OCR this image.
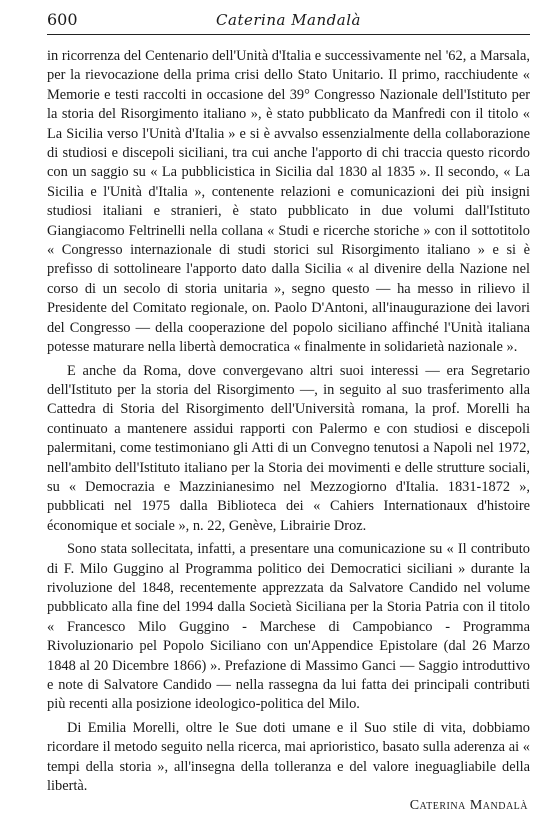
600	Caterina Mandalà

in ricorrenza del Centenario dell'Unità d'Italia e successivamente nel '62, a Marsala, per la rievocazione della prima crisi dello Stato Unitario. Il primo, racchiudente « Memorie e testi raccolti in occasione del 39° Congresso Nazionale dell'Istituto per la storia del Risorgimento italiano », è stato pubblicato da Manfredi con il titolo « La Sicilia verso l'Unità d'Italia » e si è avvalso essenzialmente della collaborazione di studiosi e discepoli siciliani, tra cui anche l'apporto di chi traccia questo ricordo con un saggio su « La pubblicistica in Sicilia dal 1830 al 1835 ». Il secondo, « La Sicilia e l'Unità d'Italia », contenente relazioni e comunicazioni dei più insigni studiosi italiani e stranieri, è stato pubblicato in due volumi dall'Istituto Giangiacomo Feltrinelli nella collana « Studi e ricerche storiche » con il sottotitolo « Congresso internazionale di studi storici sul Risorgimento italiano » e si è prefisso di sottolineare l'apporto dato dalla Sicilia « al divenire della Nazione nel corso di un secolo di storia unitaria », segno questo — ha messo in rilievo il Presidente del Comitato regionale, on. Paolo D'Antoni, all'inaugurazione dei lavori del Congresso — della cooperazione del popolo siciliano affinché l'Unità italiana potesse maturare nella libertà democratica « finalmente in solidarietà nazionale ».

E anche da Roma, dove convergevano altri suoi interessi — era Segretario dell'Istituto per la storia del Risorgimento —, in seguito al suo trasferimento alla Cattedra di Storia del Risorgimento dell'Università romana, la prof. Morelli ha continuato a mantenere assidui rapporti con Palermo e con studiosi e discepoli palermitani, come testimoniano gli Atti di un Convegno tenutosi a Napoli nel 1972, nell'ambito dell'Istituto italiano per la Storia dei movimenti e delle strutture sociali, su « Democrazia e Mazzinianesimo nel Mezzogiorno d'Italia. 1831-1872 », pubblicati nel 1975 dalla Biblioteca dei « Cahiers Internationaux d'histoire économique et sociale », n. 22, Genève, Librairie Droz.

Sono stata sollecitata, infatti, a presentare una comunicazione su « Il contributo di F. Milo Guggino al Programma politico dei Democratici siciliani » durante la rivoluzione del 1848, recentemente apprezzata da Salvatore Candido nel volume pubblicato alla fine del 1994 dalla Società Siciliana per la Storia Patria con il titolo « Francesco Milo Guggino - Marchese di Campobianco - Programma Rivoluzionario pel Popolo Siciliano con un'Appendice Epistolare (dal 26 Marzo 1848 al 20 Dicembre 1866) ». Prefazione di Massimo Ganci — Saggio introduttivo e note di Salvatore Candido — nella rassegna da lui fatta dei principali contributi più recenti alla posizione ideologico-politica del Milo.

Di Emilia Morelli, oltre le Sue doti umane e il Suo stile di vita, dobbiamo ricordare il metodo seguito nella ricerca, mai aprioristico, basato sulla aderenza ai « tempi della storia », all'insegna della tolleranza e del valore ineguagliabile della libertà.

Caterina Mandalà
